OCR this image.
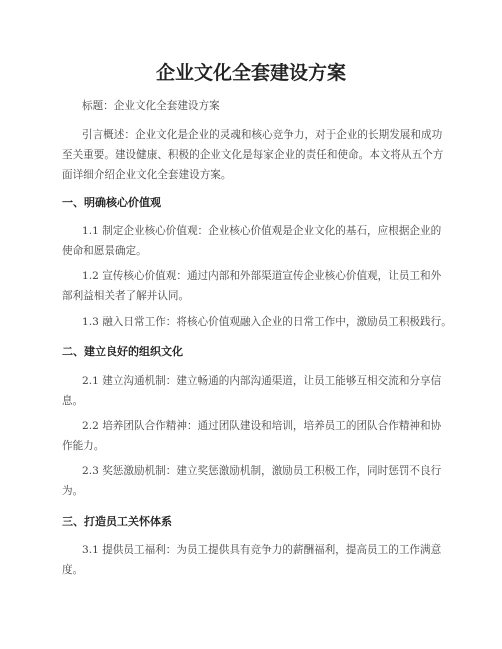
企业文化全套建设方案

标题：企业文化全套建设方案

引言概述：企业文化是企业的灵魂和核心竞争力，对于企业的长期发展和成功
至关重要。建设健康、积极的企业文化是每家企业的责任和使命。本文将从五个方
面详细介绍企业文化全套建设方案。

一、明确核心价值观

1.1 制定企业核心价值观：企业核心价值观是企业文化的基石，应根据企业的
使命和愿景确定。

1.2 宣传核心价值观：通过内部和外部渠道宣传企业核心价值观，让员工和外
部利益相关者了解并认同。

1.3 融入日常工作：将核心价值观融入企业的日常工作中，激励员工积极践行。

二、建立良好的组织文化

2.1 建立沟通机制：建立畅通的内部沟通渠道，让员工能够互相交流和分享信
息。

2.2 培养团队合作精神：通过团队建设和培训，培养员工的团队合作精神和协
作能力。

2.3 奖惩激励机制：建立奖惩激励机制，激励员工积极工作，同时惩罚不良行
为。

三、打造员工关怀体系

3.1 提供员工福利：为员工提供具有竞争力的薪酬福利，提高员工的工作满意
度。
